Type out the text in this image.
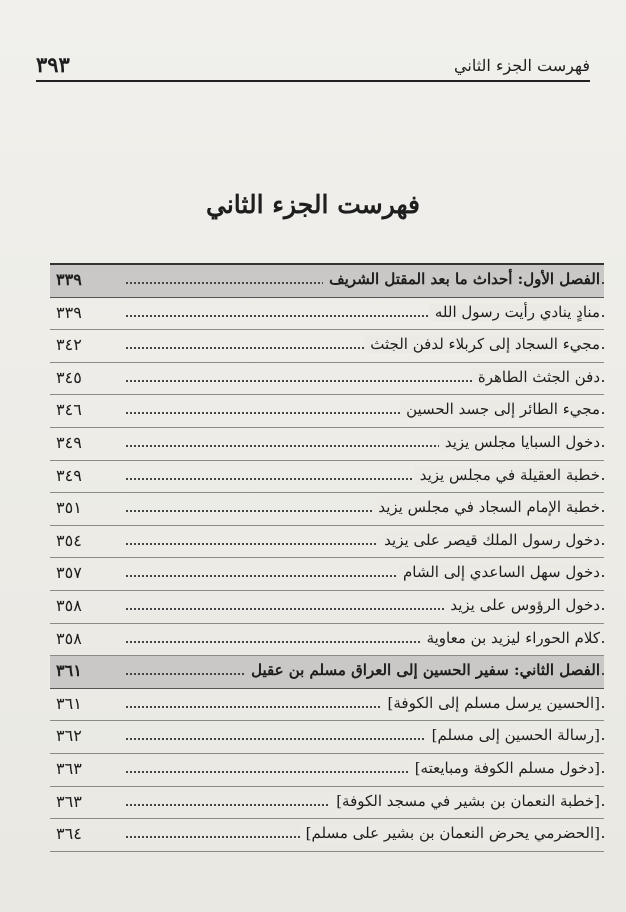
فهرست الجزء الثاني
٣٩٣
فهرست الجزء الثاني
الفصل الأول: أحداث ما بعد المقتل الشريف
٣٣٩
منادٍ ينادي رأيت رسول الله
٣٣٩
مجيء السجاد إلى كربلاء لدفن الجثث
٣٤٢
دفن الجثث الطاهرة
٣٤٥
مجيء الطائر إلى جسد الحسين
٣٤٦
دخول السبايا مجلس يزيد
٣٤٩
خطبة العقيلة في مجلس يزيد
٣٤٩
خطبة الإمام السجاد في مجلس يزيد
٣٥١
دخول رسول الملك قيصر على يزيد
٣٥٤
دخول سهل الساعدي إلى الشام
٣٥٧
دخول الرؤوس على يزيد
٣٥٨
كلام الحوراء ليزيد بن معاوية
٣٥٨
الفصل الثاني: سفير الحسين إلى العراق مسلم بن عقيل
٣٦١
[الحسين يرسل مسلم إلى الكوفة]
٣٦١
[رسالة الحسين إلى مسلم]
٣٦٢
[دخول مسلم الكوفة ومبايعته]
٣٦٣
[خطبة النعمان بن بشير في مسجد الكوفة]
٣٦٣
[الحضرمي يحرض النعمان بن بشير على مسلم]
٣٦٤
